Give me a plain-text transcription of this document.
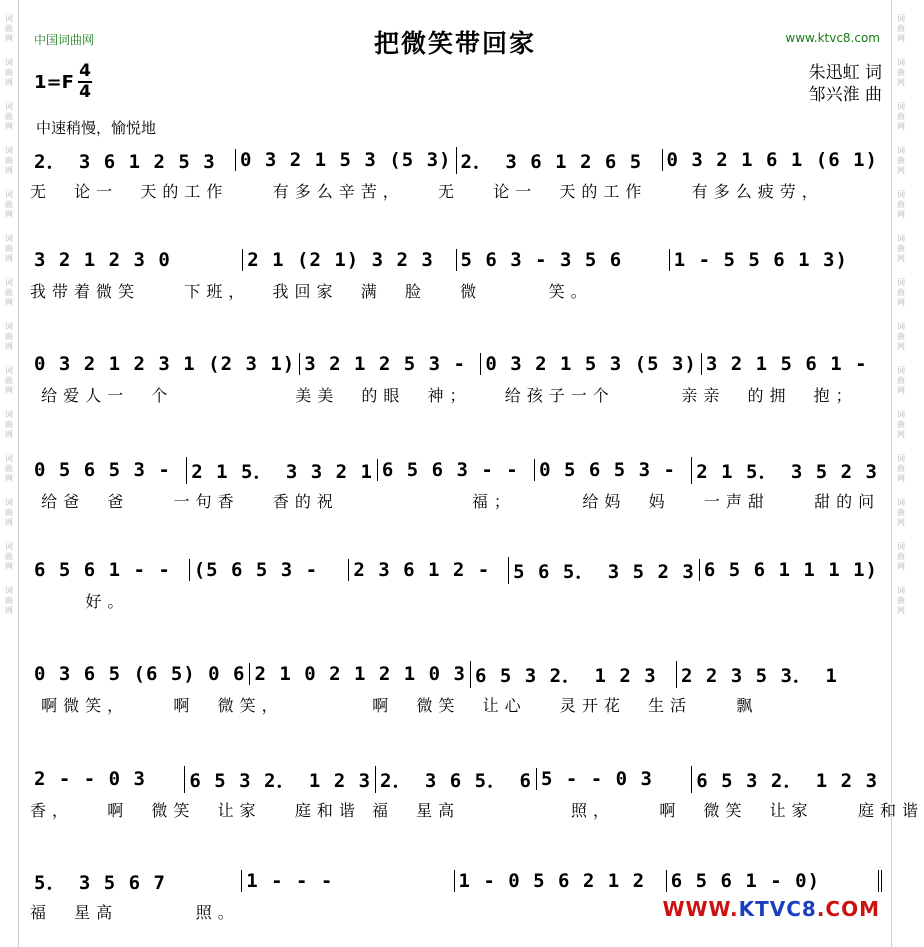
词
曲
网
词
曲
网
词
曲
网
词
曲
网
词
曲
网
词
曲
网
词
曲
网
词
曲
网
词
曲
网
词
曲
网
词
曲
网
词
曲
网
词
曲
网
词
曲
网
词
曲
网
词
曲
网
词
曲
网
词
曲
网
词
曲
网
词
曲
网
词
曲
网
词
曲
网
词
曲
网
词
曲
网
词
曲
网
词
曲
网
词
曲
网
词
曲
网
中国词曲网	www.ktvc8.com
把微笑带回家
1=F
4
4
朱迅虹 词
邹兴淮 曲
中速稍慢，愉悦地
2． 3 6 1 2 5 3	0 3 2 1 5 3 (5 3) 2． 3 6 1 2 6 5	0 3 2 1 6 1 (6 1)
无  论一  天的工作    有多么辛苦，   无   论一  天的工作    有多么疲劳，
3 2 1 2 3 0	2 1 (2 1) 3 2 3	5 6 3 - 3 5 6	1 - 5 5 6 1 3)
我带着微笑    下班，  我回家  满  脸   微      笑。
0 3 2 1 2 3 1 (2 3 1) 3 2 1 2 5 3 -	0 3 2 1 5 3 (5 3) 3 2 1 5 6 1 -
给爱人一  个           美美  的眼  神；   给孩子一个      亲亲  的拥  抱；
0 5 6 5 3 -	2 1 5． 3 3 2 1 6 5 6 3 - -	0 5 6 5 3 -	2 1 5． 3 5 2 3
给爸  爸    一句香   香的祝            福；      给妈  妈   一声甜    甜的问
6 5 6 1 - -	(5 6 5 3 -	2 3 6 1 2 -	5 6 5． 3 5 2 3 6 5 6 1 1 1 1)
好。
0 3 6 5 (6 5) 0 6 2 1 0 2 1 2 1 0 3 6 5 3 2． 1 2 3	2 2 3 5 3． 1
啊微笑，    啊  微笑，        啊  微笑  让心   灵开花  生活    飘
2 - - 0 3	6 5 3 2． 1 2 3 2． 3 6 5． 6 5 - - 0 3	6 5 3 2． 1 2 3
香，   啊  微笑  让家   庭和谐 福  星高          照，    啊  微笑  让家    庭和谐
5． 3 5 6 7	1 - - -	1 - 0 5 6 2 1 2	6 5 6 1 - 0)
福  星高       照。	WWW.KTVC8.COM
